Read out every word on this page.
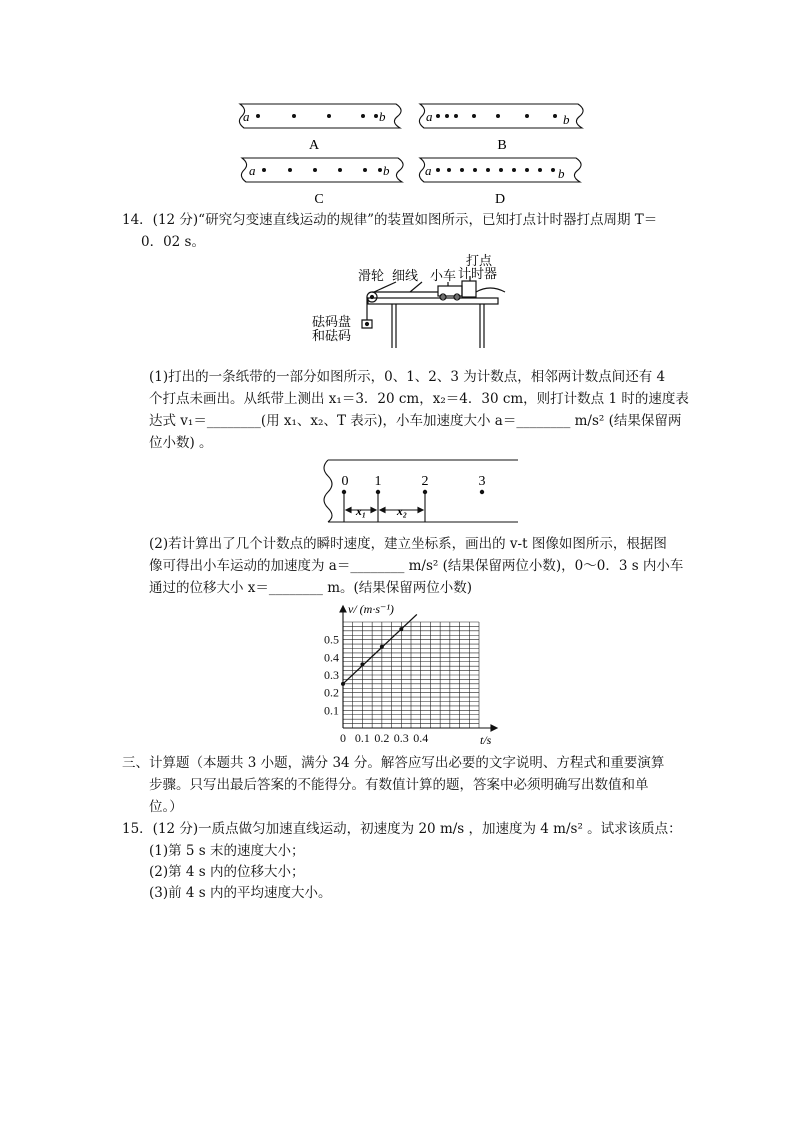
a	b	a	b
a	b	a	b
A	B
C	D
14．(12 分)“研究匀变速直线运动的规律”的装置如图所示，已知打点计时器打点周期 T＝
0．02 s。
滑轮 细线 小车
打点
计时器
砝码盘
和砝码
(1)打出的一条纸带的一部分如图所示，0、1、2、3 为计数点，相邻两计数点间还有 4
个打点未画出。从纸带上测出 x₁＝3．20 cm，x₂＝4．30 cm，则打计数点 1 时的速度表
达式 v₁＝________(用 x₁、x₂、T 表示)，小车加速度大小 a＝________ m/s² (结果保留两
位小数) 。
0 1	2	3
x₁	x₂
(2)若计算出了几个计数点的瞬时速度，建立坐标系，画出的 v-t 图像如图所示，根据图
像可得出小车运动的加速度为 a＝________ m/s² (结果保留两位小数)，0～0．3 s 内小车
通过的位移大小 x＝________ m。(结果保留两位小数)
0 0.1 0.2 0.3 0.4
0.1
0.2
0.3
0.4
0.5
v/ (m·s⁻¹)
t/s
三、计算题（本题共 3 小题，满分 34 分。解答应写出必要的文字说明、方程式和重要演算
步骤。只写出最后答案的不能得分。有数值计算的题，答案中必须明确写出数值和单
位。）
15．(12 分)一质点做匀加速直线运动，初速度为 20 m/s ，加速度为 4 m/s² 。试求该质点：
(1)第 5 s 末的速度大小；
(2)第 4 s 内的位移大小；
(3)前 4 s 内的平均速度大小。
